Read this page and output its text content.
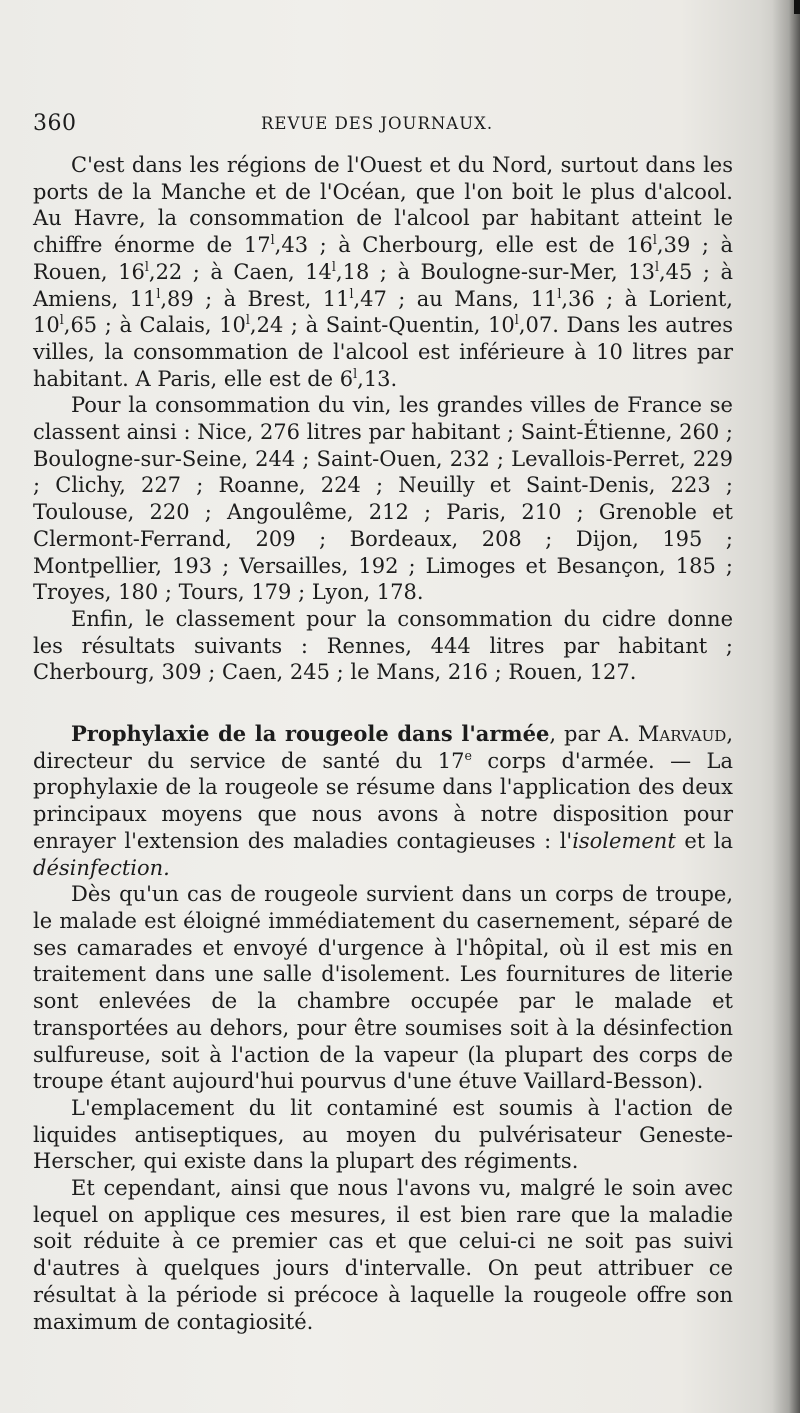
360	REVUE DES JOURNAUX.

C'est dans les régions de l'Ouest et du Nord, surtout dans les ports de la Manche et de l'Océan, que l'on boit le plus d'alcool. Au Havre, la consommation de l'alcool par habitant atteint le chiffre énorme de 17$^l$,43 ; à Cherbourg, elle est de 16$^l$,39 ; à Rouen, 16$^l$,22 ; à Caen, 14$^l$,18 ; à Boulogne-sur-Mer, 13$^l$,45 ; à Amiens, 11$^l$,89 ; à Brest, 11$^l$,47 ; au Mans, 11$^l$,36 ; à Lorient, 10$^l$,65 ; à Calais, 10$^l$,24 ; à Saint-Quentin, 10$^l$,07. Dans les autres villes, la consommation de l'alcool est inférieure à 10 litres par habitant. A Paris, elle est de 6$^l$,13.

Pour la consommation du vin, les grandes villes de France se classent ainsi : Nice, 276 litres par habitant ; Saint-Étienne, 260 ; Boulogne-sur-Seine, 244 ; Saint-Ouen, 232 ; Levallois-Perret, 229 ; Clichy, 227 ; Roanne, 224 ; Neuilly et Saint-Denis, 223 ; Toulouse, 220 ; Angoulême, 212 ; Paris, 210 ; Grenoble et Clermont-Ferrand, 209 ; Bordeaux, 208 ; Dijon, 195 ; Montpellier, 193 ; Versailles, 192 ; Limoges et Besançon, 185 ; Troyes, 180 ; Tours, 179 ; Lyon, 178.

Enfin, le classement pour la consommation du cidre donne les résultats suivants : Rennes, 444 litres par habitant ; Cherbourg, 309 ; Caen, 245 ; le Mans, 216 ; Rouen, 127.

Prophylaxie de la rougeole dans l'armée, par A. Marvaud, directeur du service de santé du 17e corps d'armée. — La prophylaxie de la rougeole se résume dans l'application des deux principaux moyens que nous avons à notre disposition pour enrayer l'extension des maladies contagieuses : l'isolement et la désinfection.

Dès qu'un cas de rougeole survient dans un corps de troupe, le malade est éloigné immédiatement du casernement, séparé de ses camarades et envoyé d'urgence à l'hôpital, où il est mis en traitement dans une salle d'isolement. Les fournitures de literie sont enlevées de la chambre occupée par le malade et transportées au dehors, pour être soumises soit à la désinfection sulfureuse, soit à l'action de la vapeur (la plupart des corps de troupe étant aujourd'hui pourvus d'une étuve Vaillard-Besson).

L'emplacement du lit contaminé est soumis à l'action de liquides antiseptiques, au moyen du pulvérisateur Geneste-Herscher, qui existe dans la plupart des régiments.

Et cependant, ainsi que nous l'avons vu, malgré le soin avec lequel on applique ces mesures, il est bien rare que la maladie soit réduite à ce premier cas et que celui-ci ne soit pas suivi d'autres à quelques jours d'intervalle. On peut attribuer ce résultat à la période si précoce à laquelle la rougeole offre son maximum de contagiosité.
